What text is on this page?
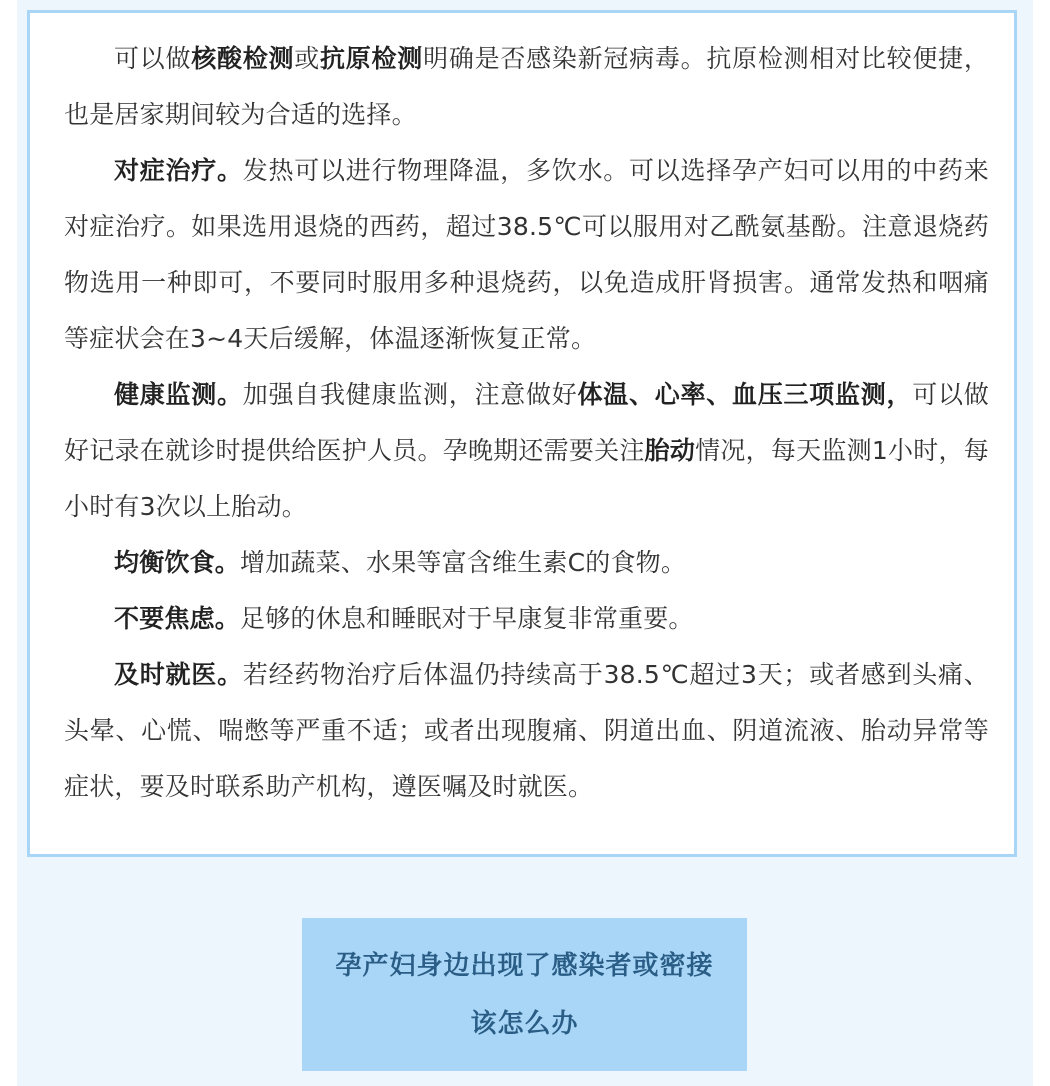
可以做核酸检测或抗原检测明确是否感染新冠病毒。抗原检测相对比较便捷，也是居家期间较为合适的选择。

对症治疗。发热可以进行物理降温，多饮水。可以选择孕产妇可以用的中药来对症治疗。如果选用退烧的西药，超过38.5℃可以服用对乙酰氨基酚。注意退烧药物选用一种即可，不要同时服用多种退烧药，以免造成肝肾损害。通常发热和咽痛等症状会在3~4天后缓解，体温逐渐恢复正常。

健康监测。加强自我健康监测，注意做好体温、心率、血压三项监测，可以做好记录在就诊时提供给医护人员。孕晚期还需要关注胎动情况，每天监测1小时，每小时有3次以上胎动。

均衡饮食。增加蔬菜、水果等富含维生素C的食物。

不要焦虑。足够的休息和睡眠对于早康复非常重要。

及时就医。若经药物治疗后体温仍持续高于38.5℃超过3天；或者感到头痛、头晕、心慌、喘憋等严重不适；或者出现腹痛、阴道出血、阴道流液、胎动异常等症状，要及时联系助产机构，遵医嘱及时就医。

孕产妇身边出现了感染者或密接
该怎么办
